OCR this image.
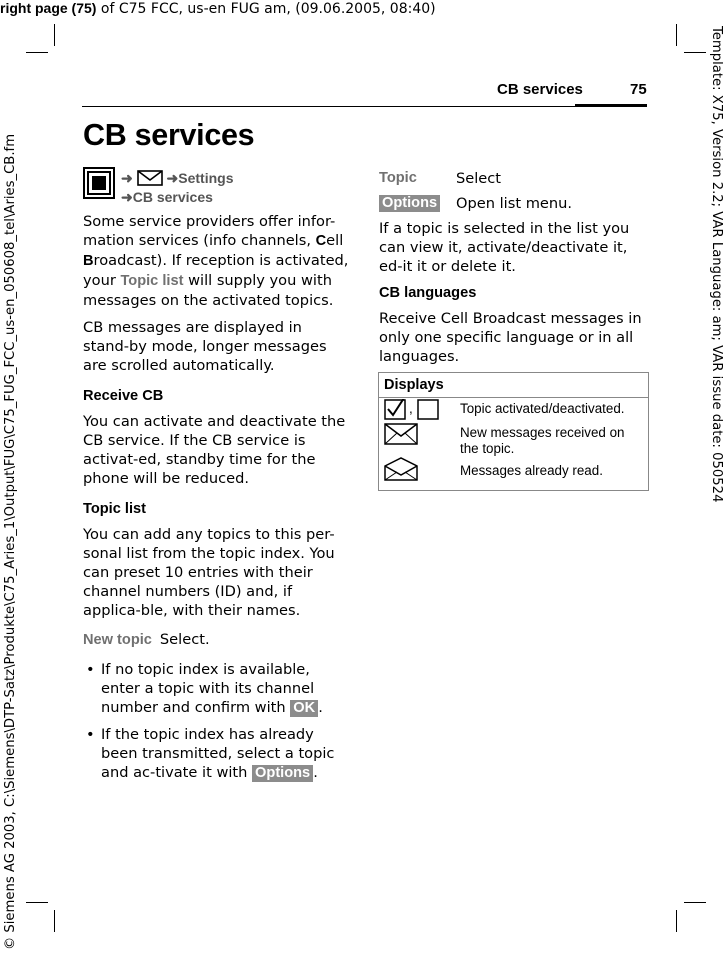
right page (75) of C75 FCC, us-en FUG am, (09.06.2005, 08:40)
Template: X75, Version 2.2; VAR Language: am; VAR issue date: 050524
© Siemens AG 2003, C:\Siemens\DTP-Satz\Produkte\C75_Aries_1\Output\FUG\C75_FUG_FCC_us-en_050608_tel\Aries_CB.fm
CB services	75
CB services
➜ ➜Settings
➜CB services

Some service providers offer infor-mation services (info channels, Cell Broadcast). If reception is activated, your Topic list will supply you with messages on the activated topics.

CB messages are displayed in stand-by mode, longer messages are scrolled automatically.

Receive CB

You can activate and deactivate the CB service. If the CB service is activat-ed, standby time for the phone will be reduced.

Topic list

You can add any topics to this per-sonal list from the topic index. You can preset 10 entries with their channel numbers (ID) and, if applica-ble, with their names.

New topic Select.

• If no topic index is available, enter a topic with its channel number and confirm with OK .
• If the topic index has already been transmitted, select a topic and ac-tivate it with Options .
Topic	Select
Options Open list menu.

If a topic is selected in the list you can view it, activate/deactivate it, ed-it it or delete it.

CB languages

Receive Cell Broadcast messages in only one specific language or in all languages.

Displays
,	Topic activated/deactivated.
New messages received on the topic.
Messages already read.
